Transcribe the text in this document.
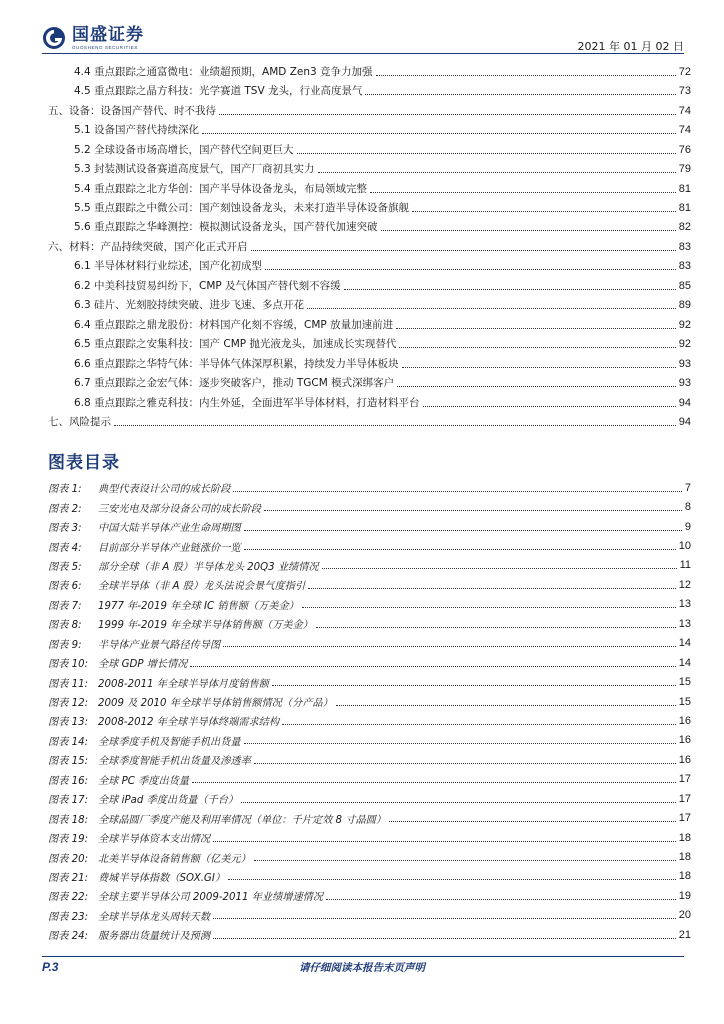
国盛证券
GUOSHENG SECURITIES	2021 年 01 月 02 日
4.4 重点跟踪之通富微电：业绩超预期，AMD Zen3 竞争力加强	72
4.5 重点跟踪之晶方科技：光学赛道 TSV 龙头，行业高度景气	73
五、设备：设备国产替代、时不我待	74
5.1 设备国产替代持续深化	74
5.2 全球设备市场高增长，国产替代空间更巨大	76
5.3 封装测试设备赛道高度景气，国产厂商初具实力	79
5.4 重点跟踪之北方华创：国产半导体设备龙头，布局领域完整	81
5.5 重点跟踪之中微公司：国产刻蚀设备龙头，未来打造半导体设备旗舰	81
5.6 重点跟踪之华峰测控：模拟测试设备龙头，国产替代加速突破	82
六、材料：产品持续突破，国产化正式开启	83
6.1 半导体材料行业综述，国产化初成型	83
6.2 中美科技贸易纠纷下，CMP 及气体国产替代刻不容缓	85
6.3 硅片、光刻胶持续突破、进步飞速、多点开花	89
6.4 重点跟踪之鼎龙股份：材料国产化刻不容缓，CMP 放量加速前进	92
6.5 重点跟踪之安集科技：国产 CMP 抛光液龙头，加速成长实现替代	92
6.6 重点跟踪之华特气体：半导体气体深厚积累，持续发力半导体板块	93
6.7 重点跟踪之金宏气体：逐步突破客户，推动 TGCM 模式深绑客户	93
6.8 重点跟踪之雅克科技：内生外延，全面进军半导体材料，打造材料平台	94
七、风险提示	94
图表目录
图表 1:	典型代表设计公司的成长阶段	7
图表 2:	三安光电及部分设备公司的成长阶段	8
图表 3:	中国大陆半导体产业生命周期图	9
图表 4:	目前部分半导体产业链涨价一览	10
图表 5:	部分全球（非 A 股）半导体龙头 20Q3 业绩情况	11
图表 6:	全球半导体（非 A 股）龙头法说会景气度指引	12
图表 7:	1977 年-2019 年全球 IC 销售额（万美金）	13
图表 8:	1999 年-2019 年全球半导体销售额（万美金）	13
图表 9:	半导体产业景气路径传导图	14
图表 10: 全球 GDP 增长情况	14
图表 11: 2008-2011 年全球半导体月度销售额	15
图表 12: 2009 及 2010 年全球半导体销售额情况（分产品）	15
图表 13: 2008-2012 年全球半导体终端需求结构	16
图表 14: 全球季度手机及智能手机出货量	16
图表 15: 全球季度智能手机出货量及渗透率	16
图表 16: 全球 PC 季度出货量	17
图表 17: 全球 iPad 季度出货量（千台）	17
图表 18: 全球晶圆厂季度产能及利用率情况（单位：千片定效 8 寸晶圆）	17
图表 19: 全球半导体资本支出情况	18
图表 20: 北美半导体设备销售额（亿美元）	18
图表 21: 费城半导体指数（SOX.GI）	18
图表 22: 全球主要半导体公司 2009-2011 年业绩增速情况	19
图表 23: 全球半导体龙头周转天数	20
图表 24: 服务器出货量统计及预测	21
P.3	请仔细阅读本报告末页声明
